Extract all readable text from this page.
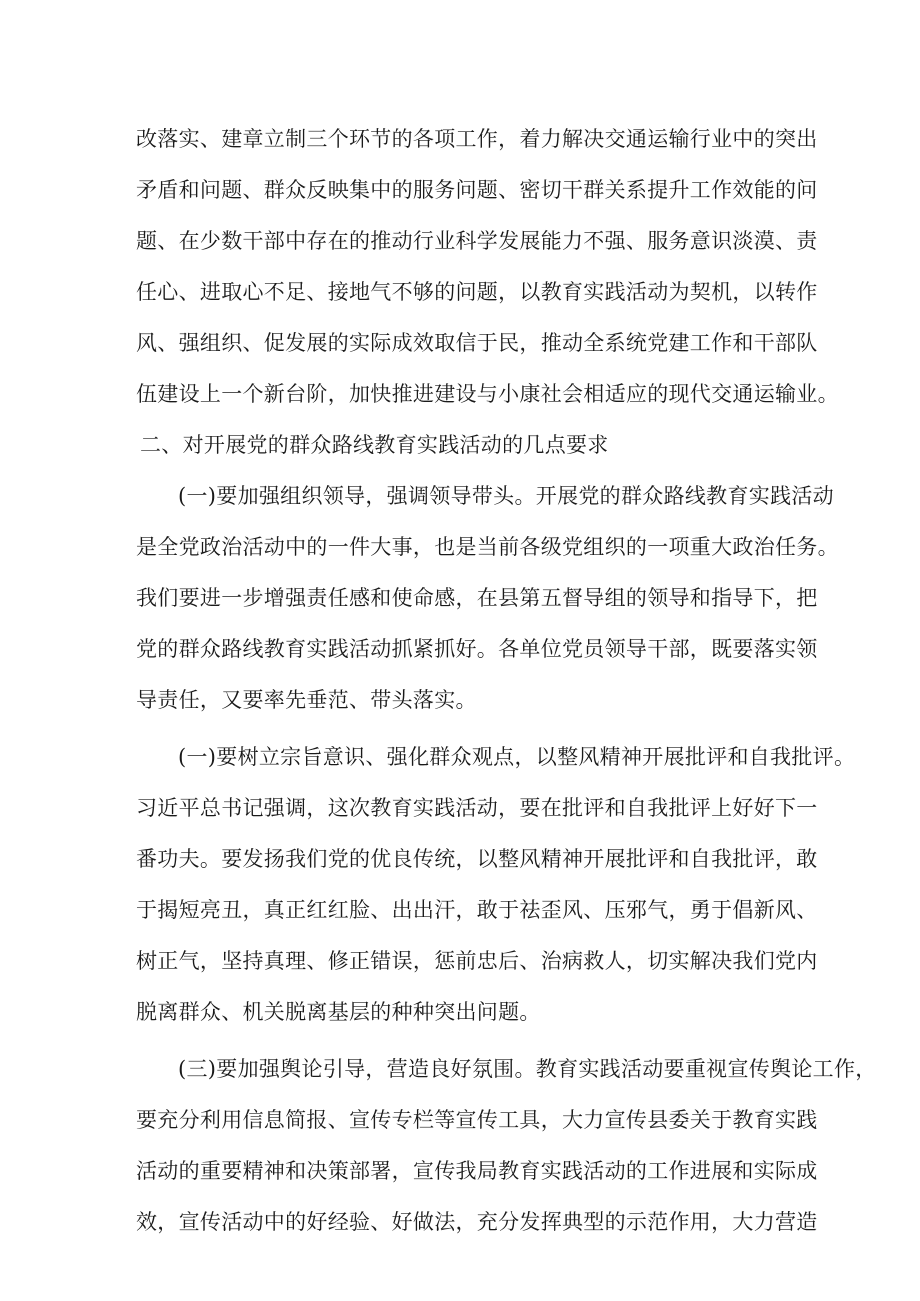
改落实、建章立制三个环节的各项工作，着力解决交通运输行业中的突出
矛盾和问题、群众反映集中的服务问题、密切干群关系提升工作效能的问
题、在少数干部中存在的推动行业科学发展能力不强、服务意识淡漠、责
任心、进取心不足、接地气不够的问题，以教育实践活动为契机，以转作
风、强组织、促发展的实际成效取信于民，推动全系统党建工作和干部队
伍建设上一个新台阶，加快推进建设与小康社会相适应的现代交通运输业。
二、对开展党的群众路线教育实践活动的几点要求
(一)要加强组织领导，强调领导带头。开展党的群众路线教育实践活动
是全党政治活动中的一件大事，也是当前各级党组织的一项重大政治任务。
我们要进一步增强责任感和使命感，在县第五督导组的领导和指导下，把
党的群众路线教育实践活动抓紧抓好。各单位党员领导干部，既要落实领
导责任，又要率先垂范、带头落实。
(一)要树立宗旨意识、强化群众观点，以整风精神开展批评和自我批评。
习近平总书记强调，这次教育实践活动，要在批评和自我批评上好好下一
番功夫。要发扬我们党的优良传统，以整风精神开展批评和自我批评，敢
于揭短亮丑，真正红红脸、出出汗，敢于祛歪风、压邪气，勇于倡新风、
树正气，坚持真理、修正错误，惩前忠后、治病救人，切实解决我们党内
脱离群众、机关脱离基层的种种突出问题。
(三)要加强舆论引导，营造良好氛围。教育实践活动要重视宣传舆论工作，
要充分利用信息简报、宣传专栏等宣传工具，大力宣传县委关于教育实践
活动的重要精神和决策部署，宣传我局教育实践活动的工作进展和实际成
效，宣传活动中的好经验、好做法，充分发挥典型的示范作用，大力营造
